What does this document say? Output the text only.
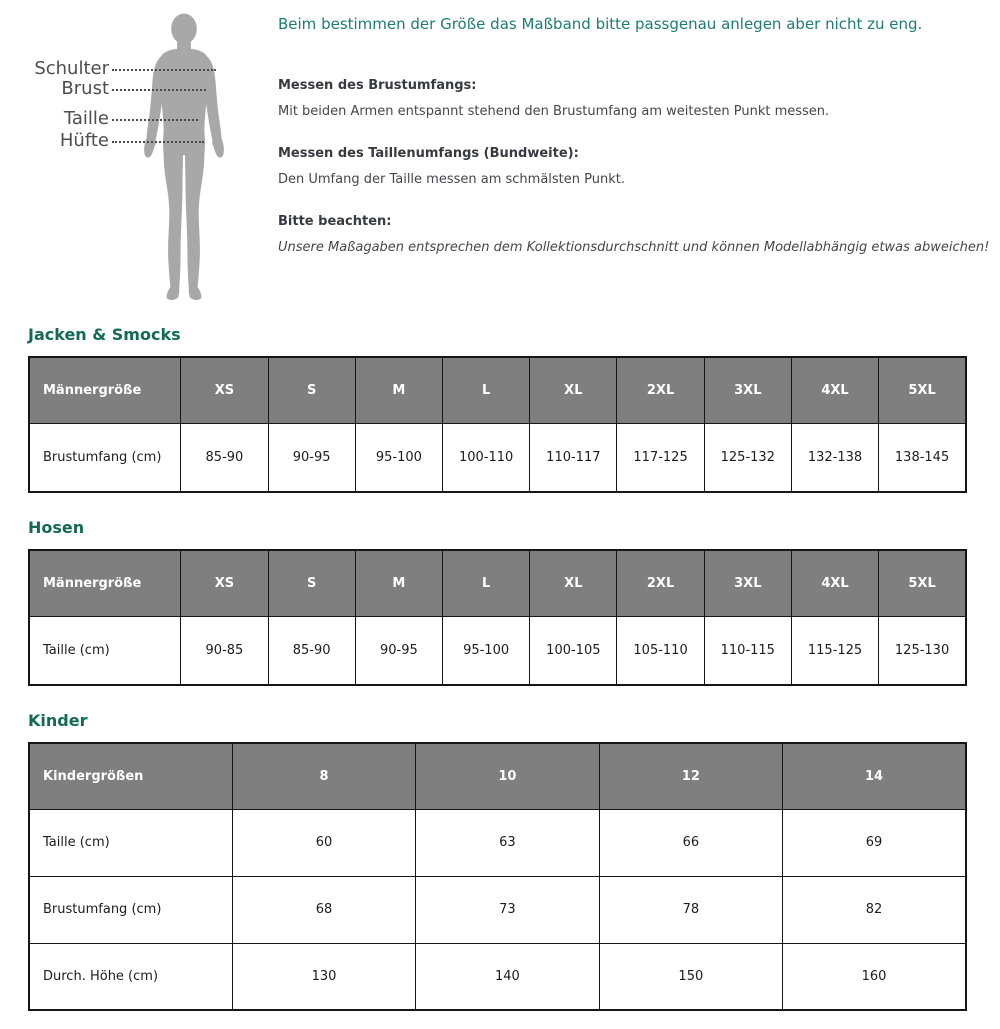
Schulter
Brust
Taille
Hüfte
Beim bestimmen der Größe das Maßband bitte passgenau anlegen aber nicht zu eng.
Messen des Brustumfangs:

Mit beiden Armen entspannt stehend den Brustumfang am weitesten Punkt messen.

Messen des Taillenumfangs (Bundweite):

Den Umfang der Taille messen am schmälsten Punkt.

Bitte beachten:

Unsere Maßagaben entsprechen dem Kollektionsdurchschnitt und können Modellabhängig etwas abweichen!

Jacken & Smocks
Männergröße	XS	S	M	L	XL	2XL	3XL	4XL	5XL
Brustumfang (cm)	85-90	90-95	95-100	100-110	110-117	117-125	125-132	132-138	138-145
Hosen
Männergröße	XS	S	M	L	XL	2XL	3XL	4XL	5XL
Taille (cm)	90-85	85-90	90-95	95-100	100-105	105-110	110-115	115-125	125-130
Kinder
Kindergrößen	8	10	12	14
Taille (cm)	60	63	66	69
Brustumfang (cm)	68	73	78	82
Durch. Höhe (cm)	130	140	150	160
